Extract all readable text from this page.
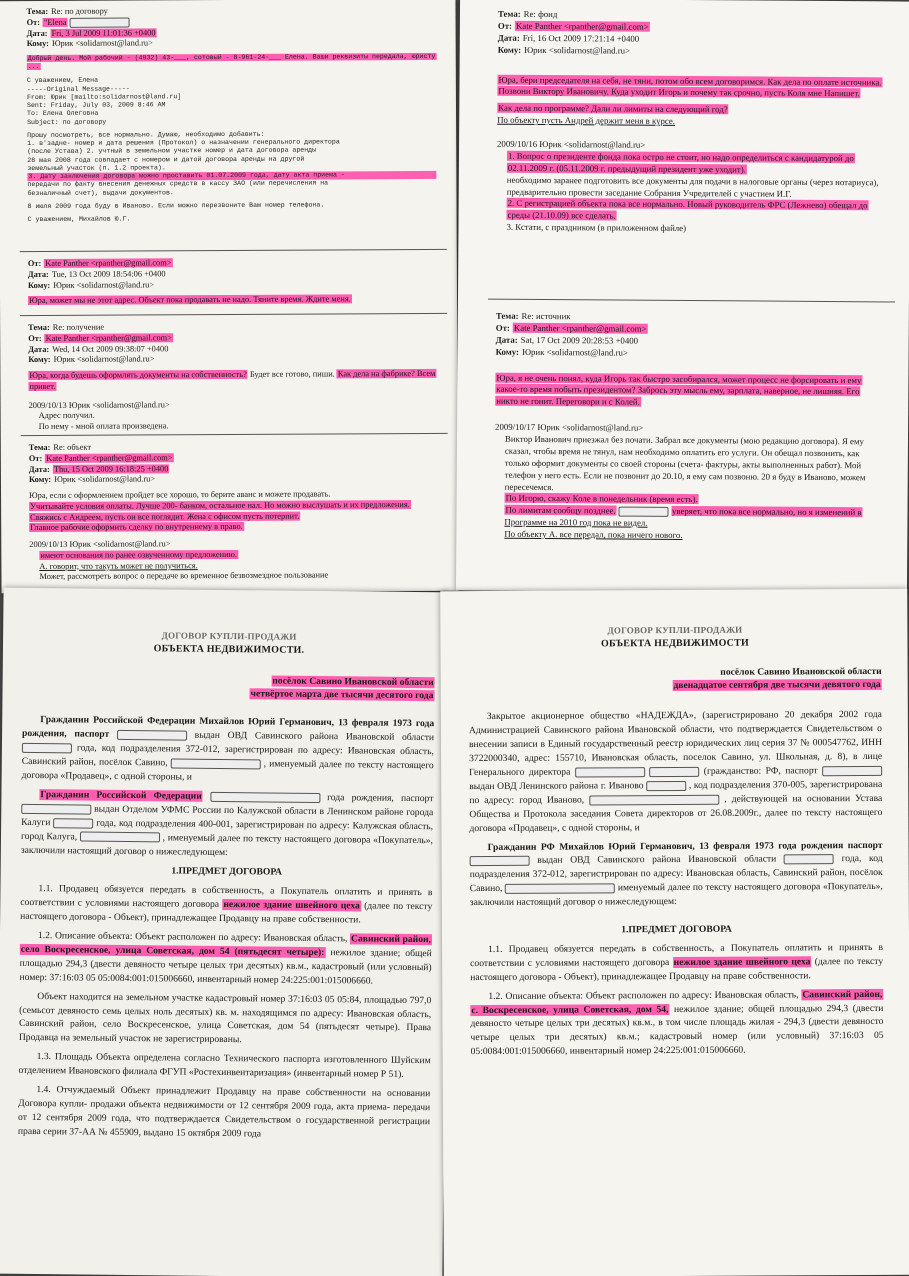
Тема: Re: по договору
От: "Elena
Дата: Fri, 3 Jul 2009 11:01:36 +0400
Кому: Юрик <solidarnost@land.ru>

Добрый день. Мой рабочий - (4932) 43-___, сотовый - 8-961-24-___ Елена. Ваши реквизиты передала, юристу ...

С уважением, Елена

-----Original Message-----

From: Юрик [mailto:solidarnost@land.ru]

Sent: Friday, July 03, 2009 8:46 AM

To: Елена Олеговна

Subject: по договору

Прошу посмотреть, все нормально. Думаю, необходимо добавить:

1. в'задне- номер и дата решения (Протокол) о назначении генерального директора

(после Устава) 2. учтный в земельном участке номер и дата договора аренды

28 мая 2008 года совпадает с номером и датой договора аренды на другой

земельный участок (п. 1.2 проекта).

3. Дату заключения договора можно проставить 01.07.2009 года, дату акта приема -

передачи по факту внесения денежных средств в кассу ЗАО (или перечисления на

безналичный счет), выдачи документов.

8 июля 2009 года буду в Иваново. Если можно перезвоните Вам номер телефона.

С уважением, Михайлов Ю.Г.

От: Kate Panther <rpanther@gmail.com>
Дата: Tue, 13 Oct 2009 18:54:06 +0400
Кому: Юрик <solidarnost@land.ru>
Юра, может мы не этот адрес. Объект пока продавать не надо. Тяните время. Ждите меня.
Тема: Re: получение
От: Kate Panther <rpanther@gmail.com>
Дата: Wed, 14 Oct 2009 09:38:07 +0400
Кому: Юрик <solidarnost@land.ru>
Юра, когда будешь оформлять документы на собственность? Будет все готово, пиши. Как дела на фабрике? Всем привет.
2009/10/13 Юрик <solidarnost@land.ru>
Адрес получил.
По нему - мной оплата произведена.
Тема: Re: объект
От: Kate Panther <rpanther@gmail.com>
Дата: Thu, 15 Oct 2009 16:18:25 +0400
Кому: Юрик <solidarnost@land.ru>
Юра, если с оформлением пройдет все хорошо, то берите аванс и можете продавать.
Учитывайте условия оплаты. Лучше 200- банком, остальное нал. Но можно выслушать и их предложения. Свяжись с Андреем, пусть он все поглядит. Жена с офисом пусть потерпит.
Главное рабочие оформить сделку по внутреннему в право.
2009/10/13 Юрик <solidarnost@land.ru>
имеют основания по ранее озвученному предложению.
А. говорит, что такуть может не получиться.
Может, рассмотреть вопрос о передаче во временное безвозмездное пользование
Тема: Re: фонд
От: Kate Panther <rpanther@gmail.com>
Дата: Fri, 16 Oct 2009 17:21:14 +0400
Кому: Юрик <solidarnost@land.ru>
Юра, бери председателя на себя, не тяни, потом обо всем договоримся. Как дела по оплате источника. Позвони Виктору Ивановичу. Куда уходит Игорь и почему так срочно, пусть Коля мне Напишет.
Как дела по программе? Дали ли лимиты на следующий год?
По объекту пусть Андрей держит меня в курсе.
2009/10/16 Юрик <solidarnost@land.ru>
1. Вопрос о президенте фонда пока остро не стоит, но надо определиться с кандидатурой до 02.11.2009 г. (05.11.2009 г. предыдущий президент уже уходит).
необходимо заранее подготовить все документы для подачи в налоговые органы (через нотариуса), предварительно провести заседание Собрания Учредителей с участием И.Г.
2. С регистрацией объекта пока все нормально. Новый руководитель ФРС (Лежнево) обещал до среды (21.10.09) все сделать.
3. Кстати, с праздником (в приложенном файле)
Тема: Re: источник
От: Kate Panther <rpanther@gmail.com>
Дата: Sat, 17 Oct 2009 20:28:53 +0400
Кому: Юрик <solidarnost@land.ru>
Юра, я не очень понял, куда Игорь так быстро засобирался, может процесс не форсировать и ему какое-то время побыть президентом? Забрось эту мысль ему, зарплата, наверное, не лишняя. Его никто не гонит. Переговори и с Колей.
2009/10/17 Юрик <solidarnost@land.ru>
Виктор Иванович приезжал без почати. Забрал все документы (мою редакцию договора). Я ему сказал, чтобы время не тянул, нам необходимо оплатить его услуги. Он обещал позвонить, как только оформит документы со своей стороны (счета- фактуры, акты выполненных работ). Мой телефон у него есть. Если не позвонит до 20.10, я ему сам позвоню. 20 я буду в Иваново, можем пересечемся.
По Игорю, скажу Коле в понедельник (время есть).
По лимитам сообщу позднее.	уверяет, что пока все нормально, но я изменений в
Программе на 2010 год пока не видел.
По объекту А. все передал, пока ничего нового.
ДОГОВОР КУПЛИ-ПРОДАЖИ
ОБЪЕКТА НЕДВИЖИМОСТИ.
посёлок Савино Ивановской области
четвёртое марта две тысячи десятого года
Гражданин Российской Федерации Михайлов Юрий Германович, 13 февраля 1973 года рождения, паспорт	выдан ОВД Савинского района Ивановской области  года, код подразделения 372-012, зарегистрирован по адресу: Ивановская область, Савинский район, посёлок Савино,	, именуемый далее по тексту настоящего договора «Продавец», с одной стороны, и
Гражданин Российской Федерации	года рождения, паспорт  выдан Отделом УФМС России по Калужской области в Ленинском районе города Калуги	года, код подразделения 400-001, зарегистрирован по адресу: Калужская область, город Калуга,	, именуемый далее по тексту настоящего договора «Покупатель», заключили настоящий договор о нижеследующем:
1.ПРЕДМЕТ ДОГОВОРА
1.1. Продавец обязуется передать в собственность, а Покупатель оплатить и принять в соответствии с условиями настоящего договора нежилое здание швейного цеха (далее по тексту настоящего договора - Объект), принадлежащее Продавцу на праве собственности.
1.2. Описание объекта: Объект расположен по адресу: Ивановская область, Савинский район, село Воскресенское, улица Советская, дом 54 (пятьдесят четыре): нежилое здание; общей площадью 294,3 (двести девяносто четыре целых три десятых) кв.м., кадастровый (или условный) номер: 37:16:03 05 05:0084:001:015006660, инвентарный номер 24:225:001:015006660.
Объект находится на земельном участке кадастровый номер 37:16:03 05 05:84, площадью 797,0 (семьсот девяносто семь целых ноль десятых) кв. м. находящимся по адресу: Ивановская область, Савинский район, село Воскресенское, улица Советская, дом 54 (пятьдесят четыре). Права Продавца на земельный участок не зарегистрированы.
1.3. Площадь Объекта определена согласно Технического паспорта изготовленного Шуйским отделением Ивановского филиала ФГУП «Ростехинвентаризация» (инвентарный номер Р 51).
1.4. Отчуждаемый Объект принадлежит Продавцу на праве собственности на основании Договора купли- продажи объекта недвижимости от 12 сентября 2009 года, акта приема- передачи от 12 сентября 2009 года, что подтверждается Свидетельством о государственной регистрации права серии 37-АА № 455909, выдано 15 октября 2009 года
ДОГОВОР КУПЛИ-ПРОДАЖИ
ОБЪЕКТА НЕДВИЖИМОСТИ
посёлок Савино Ивановской области
двенадцатое сентября две тысячи девятого года
Закрытое акционерное общество «НАДЕЖДА», (зарегистрировано 20 декабря 2002 года Администрацией Савинского района Ивановской области, что подтверждается Свидетельством о внесении записи в Единый государственный реестр юридических лиц серия 37 № 000547762, ИНН 3722000340, адрес: 155710, Ивановская область, поселок Савино, ул. Школьная, д. 8), в лице Генерального директора	(гражданство: РФ, паспорт  выдан ОВД Ленинского района г. Иваново	, код подразделения 370-005, зарегистрирована по адресу: город Иваново,	, действующей на основании Устава Общества и Протокола заседания Совета директоров от 26.08.2009г., далее по тексту настоящего договора «Продавец», с одной стороны, и
Гражданин РФ Михайлов Юрий Германович, 13 февраля 1973 года рождения паспорт  выдан ОВД Савинского района Ивановской области	года, код подразделения 372-012, зарегистрирован по адресу: Ивановская область, Савинский район, посёлок Савино,	именуемый далее по тексту настоящего договора «Покупатель», заключили настоящий договор о нижеследующем:
1.ПРЕДМЕТ ДОГОВОРА
1.1. Продавец обязуется передать в собственность, а Покупатель оплатить и принять в соответствии с условиями настоящего договора нежилое здание швейного цеха (далее по тексту настоящего договора - Объект), принадлежащее Продавцу на праве собственности.
1.2. Описание объекта: Объект расположен по адресу: Ивановская область, Савинский район, с. Воскресенское, улица Советская, дом 54, нежилое здание; общей площадью 294,3 (двести девяносто четыре целых три десятых) кв.м., в том числе площадь жилая - 294,3 (двести девяносто четыре целых три десятых) кв.м.; кадастровый номер (или условный) 37:16:03 05 05:0084:001:015006660, инвентарный номер 24:225:001:015006660.
